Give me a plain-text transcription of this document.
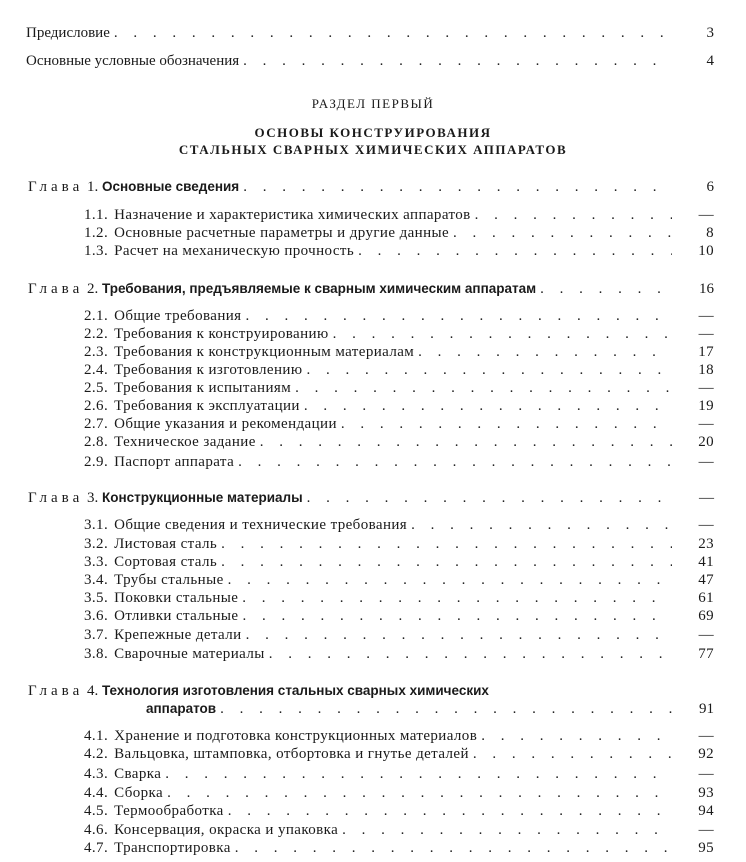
Предисловие . . .	3
Основные условные обозначения . . .	4
РАЗДЕЛ ПЕРВЫЙ
ОСНОВЫ КОНСТРУИРОВАНИЯ
СТАЛЬНЫХ СВАРНЫХ ХИМИЧЕСКИХ АППАРАТОВ
Глава 1. Основные сведения . . .	6
1.1. Назначение и характеристика химических аппаратов . . .	—
1.2. Основные расчетные параметры и другие данные . . .	8
1.3. Расчет на механическую прочность . . .	10
Глава 2. Требования, предъявляемые к сварным химическим аппаратам . . .	16
2.1. Общие требования . . .	—
2.2. Требования к конструированию . . .	—
2.3. Требования к конструкционным материалам . . .	17
2.4. Требования к изготовлению . . .	18
2.5. Требования к испытаниям . . .	—
2.6. Требования к эксплуатации . . .	19
2.7. Общие указания и рекомендации . . .	—
2.8. Техническое задание . . .	20
2.9. Паспорт аппарата . . .	—
Глава 3. Конструкционные материалы . . .	—
3.1. Общие сведения и технические требования . . .	—
3.2. Листовая сталь . . .	23
3.3. Сортовая сталь . . .	41
3.4. Трубы стальные . . .	47
3.5. Поковки стальные . . .	61
3.6. Отливки стальные . . .	69
3.7. Крепежные детали . . .	—
3.8. Сварочные материалы . . .	77
Глава 4. Технология изготовления стальных сварных химических
аппаратов . . .	91
4.1. Хранение и подготовка конструкционных материалов . . .	—
4.2. Вальцовка, штамповка, отбортовка и гнутье деталей . . .	92
4.3. Сварка . . .	—
4.4. Сборка . . .	93
4.5. Термообработка . . .	94
4.6. Консервация, окраска и упаковка . . .	—
4.7. Транспортировка . . .	95
